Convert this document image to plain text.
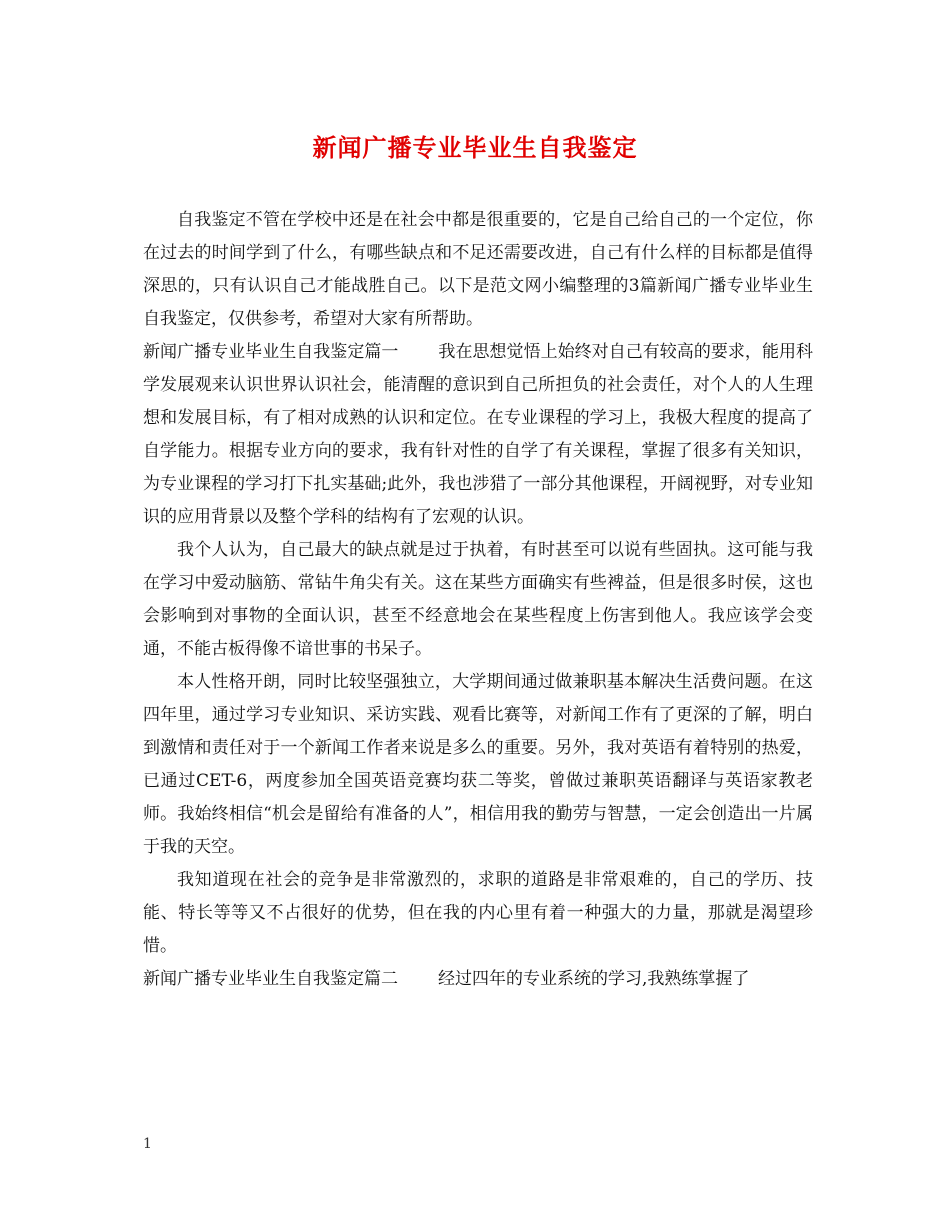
新闻广播专业毕业生自我鉴定

自我鉴定不管在学校中还是在社会中都是很重要的，它是自己给自己的一个定位，你在过去的时间学到了什么，有哪些缺点和不足还需要改进，自己有什么样的目标都是值得深思的，只有认识自己才能战胜自己。以下是范文网小编整理的3篇新闻广播专业毕业生自我鉴定，仅供参考，希望对大家有所帮助。

新闻广播专业毕业生自我鉴定篇一 我在思想觉悟上始终对自己有较高的要求，能用科学发展观来认识世界认识社会，能清醒的意识到自己所担负的社会责任，对个人的人生理想和发展目标，有了相对成熟的认识和定位。在专业课程的学习上，我极大程度的提高了自学能力。根据专业方向的要求，我有针对性的自学了有关课程，掌握了很多有关知识，为专业课程的学习打下扎实基础;此外，我也涉猎了一部分其他课程，开阔视野，对专业知识的应用背景以及整个学科的结构有了宏观的认识。

我个人认为，自己最大的缺点就是过于执着，有时甚至可以说有些固执。这可能与我在学习中爱动脑筋、常钻牛角尖有关。这在某些方面确实有些裨益，但是很多时侯，这也会影响到对事物的全面认识，甚至不经意地会在某些程度上伤害到他人。我应该学会变通，不能古板得像不谙世事的书呆子。

本人性格开朗，同时比较坚强独立，大学期间通过做兼职基本解决生活费问题。在这四年里，通过学习专业知识、采访实践、观看比赛等，对新闻工作有了更深的了解，明白到激情和责任对于一个新闻工作者来说是多么的重要。另外，我对英语有着特别的热爱，已通过CET-6，两度参加全国英语竞赛均获二等奖，曾做过兼职英语翻译与英语家教老师。我始终相信“机会是留给有准备的人”，相信用我的勤劳与智慧，一定会创造出一片属于我的天空。

我知道现在社会的竞争是非常激烈的，求职的道路是非常艰难的，自己的学历、技能、特长等等又不占很好的优势，但在我的内心里有着一种强大的力量，那就是渴望珍惜。

新闻广播专业毕业生自我鉴定篇二 经过四年的专业系统的学习,我熟练掌握了

1
